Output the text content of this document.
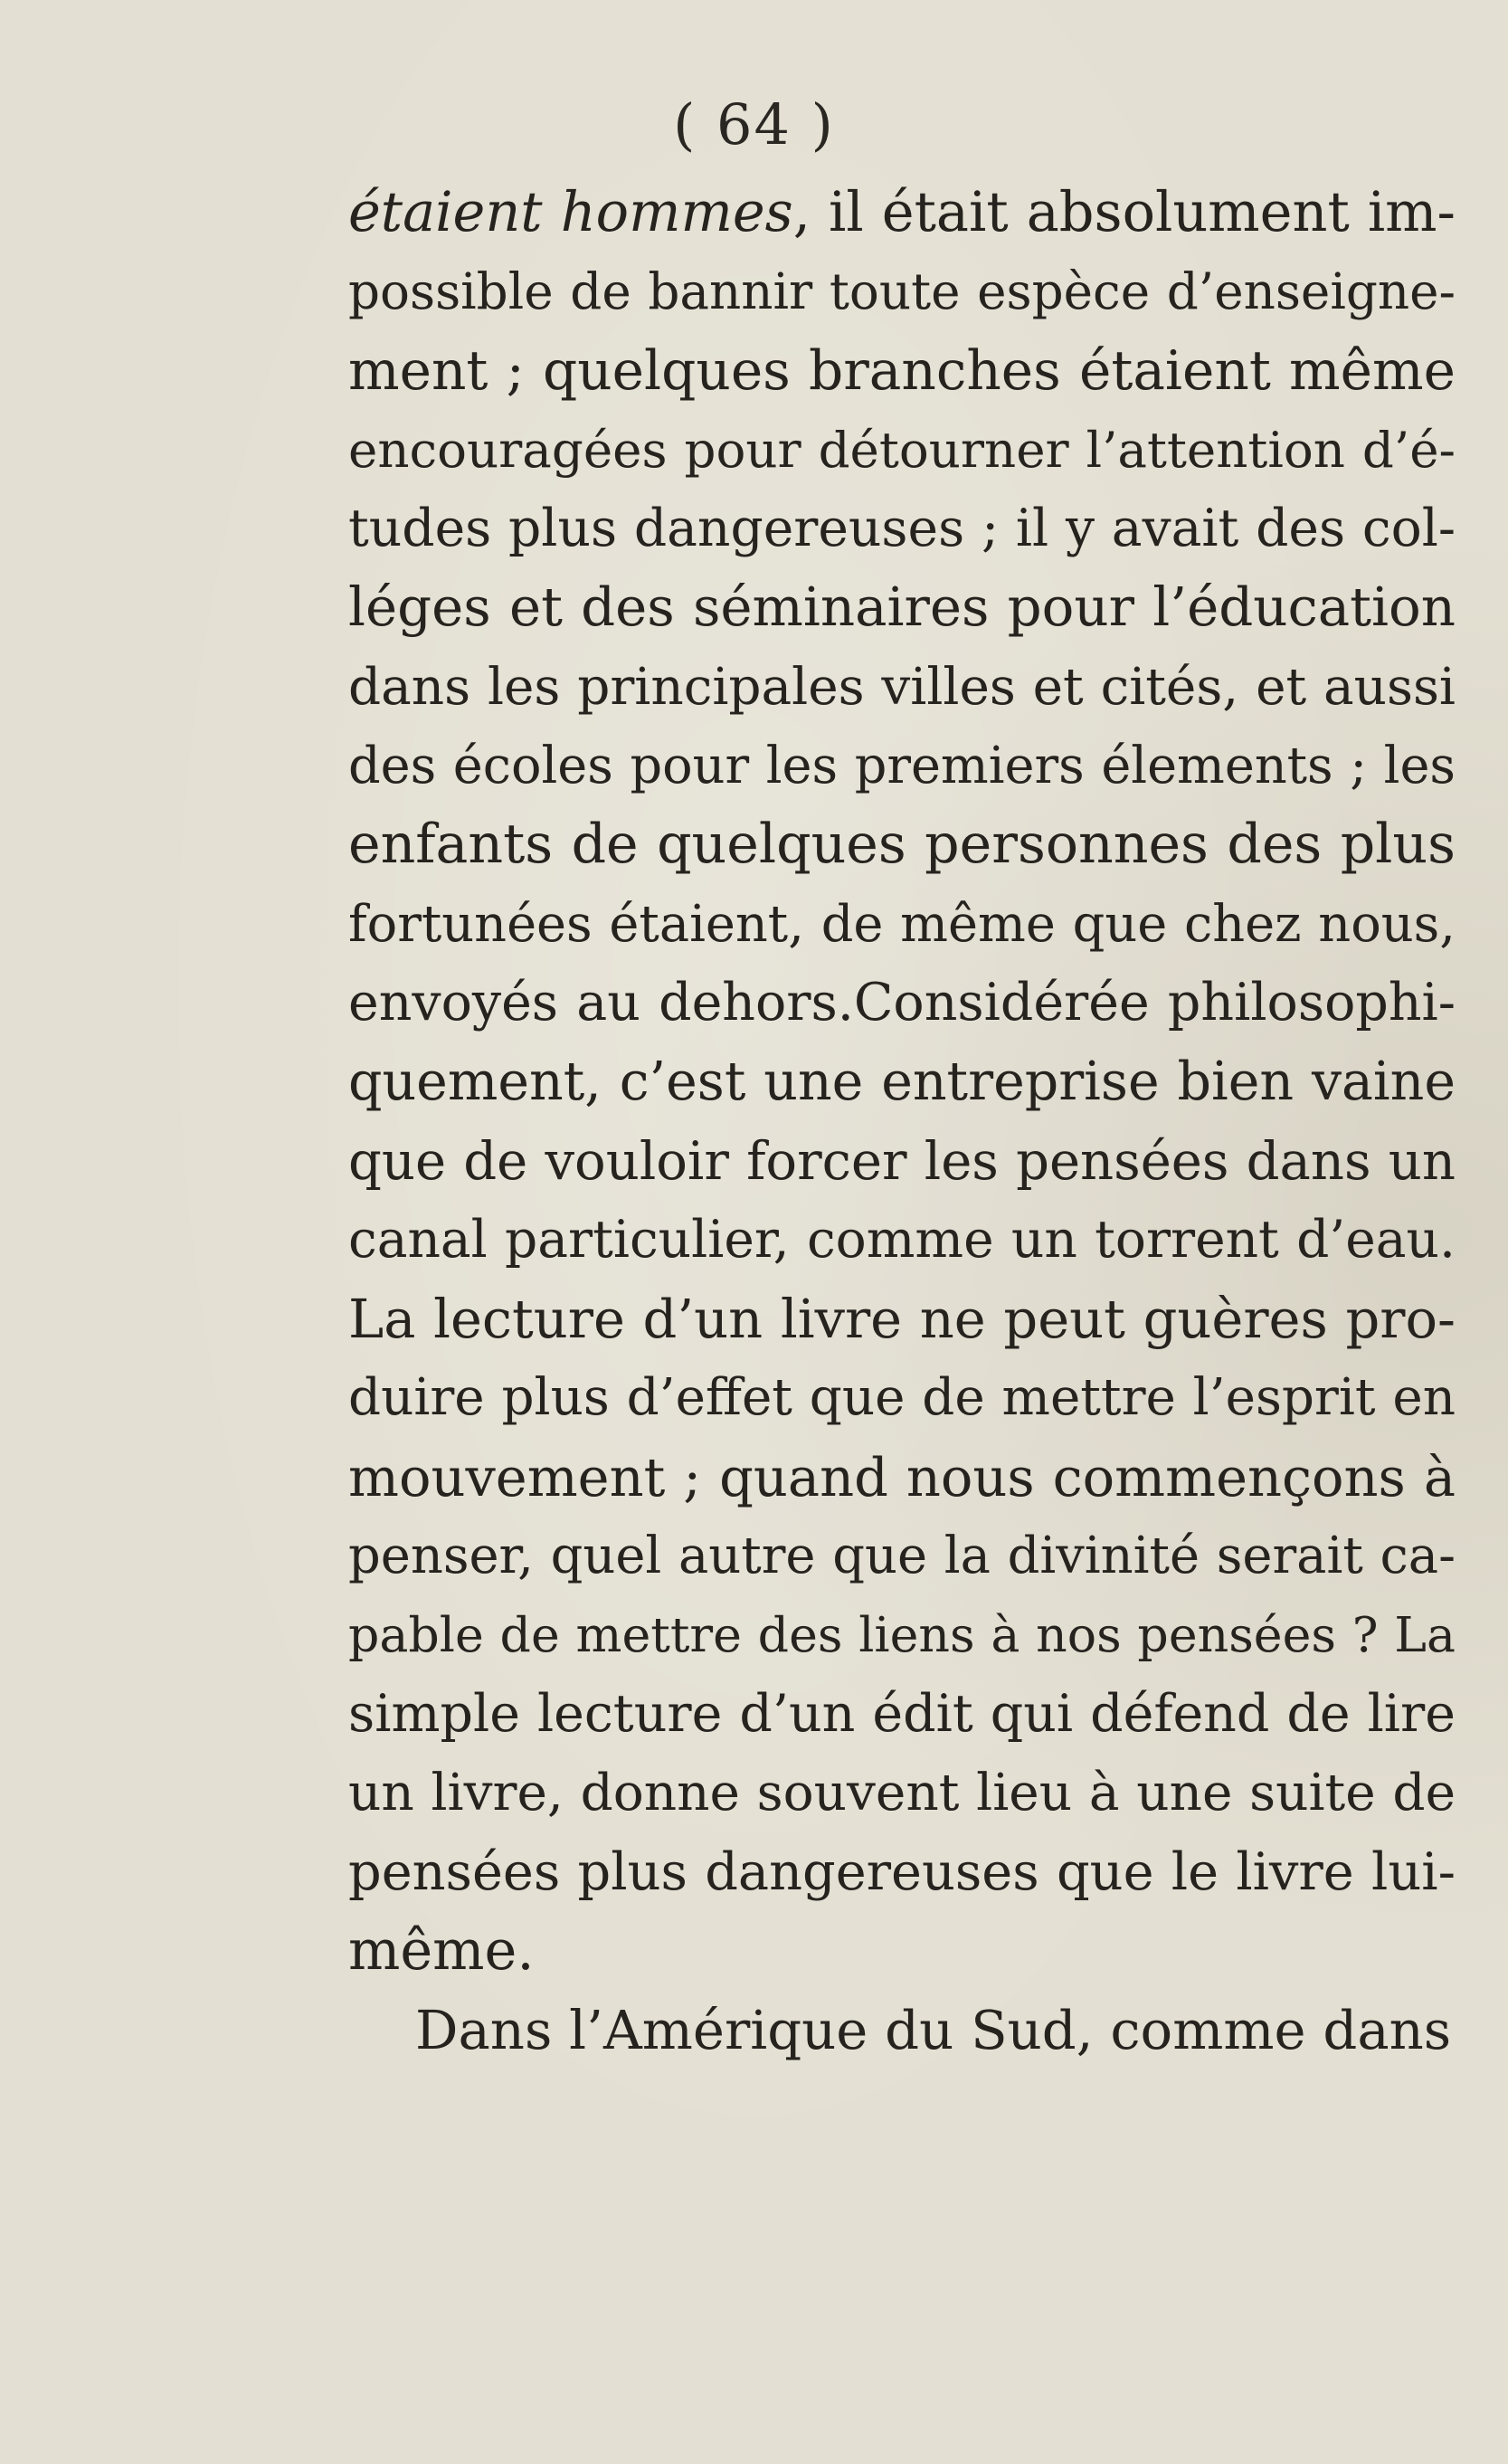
( 64 )
étaient hommes, il était absolument im-
possible de bannir toute espèce d’enseigne-
ment ; quelques branches étaient même
encouragées pour détourner l’attention d’é-
tudes plus dangereuses ; il y avait des col-
léges et des séminaires pour l’éducation
dans les principales villes et cités, et aussi
des écoles pour les premiers élements ; les
enfants de quelques personnes des plus
fortunées étaient, de même que chez nous,
envoyés au dehors.Considérée philosophi-
quement, c’est une entreprise bien vaine
que de vouloir forcer les pensées dans un
canal particulier, comme un torrent d’eau.
La lecture d’un livre ne peut guères pro-
duire plus d’effet que de mettre l’esprit en
mouvement ; quand nous commençons à
penser, quel autre que la divinité serait ca-
pable de mettre des liens à nos pensées ? La
simple lecture d’un édit qui défend de lire
un livre, donne souvent lieu à une suite de
pensées plus dangereuses que le livre lui-
même.
Dans l’Amérique du Sud, comme dans
